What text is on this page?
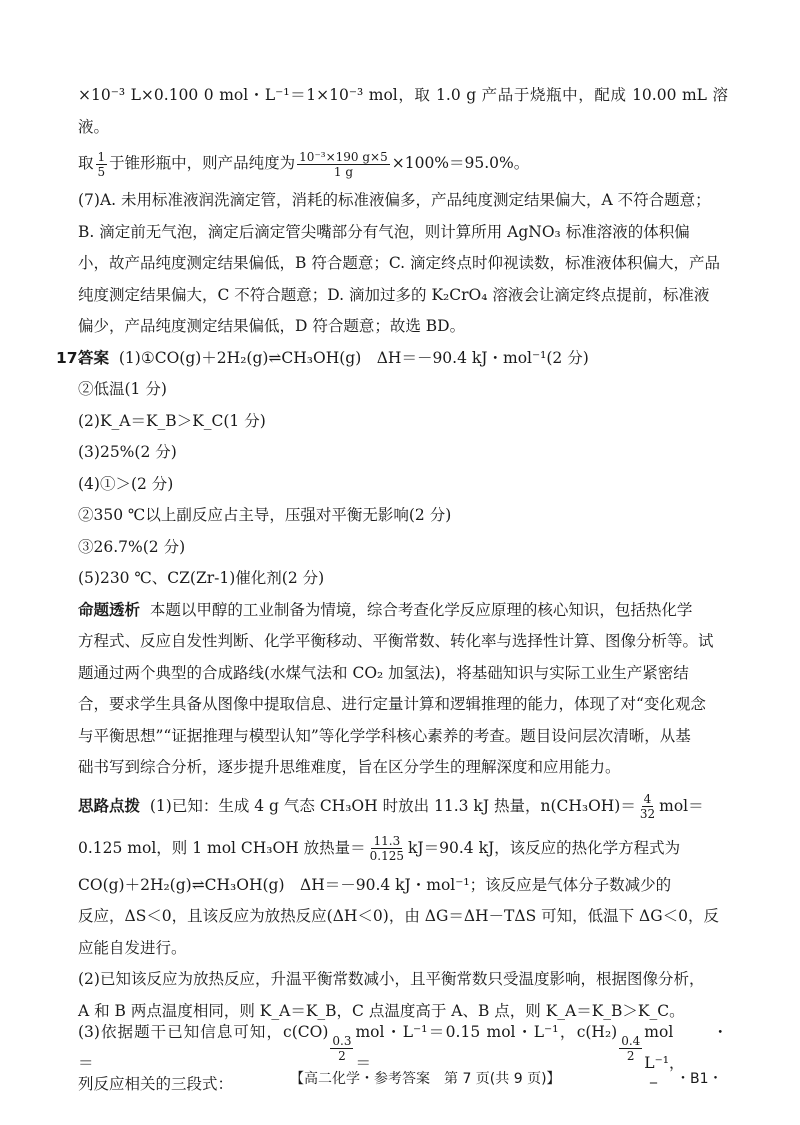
×10⁻³ L×0.100 0 mol・L⁻¹＝1×10⁻³ mol，取 1.0 g 产品于烧瓶中，配成 10.00 mL 溶液。

取 $\frac{1}{5}$ 于锥形瓶中，则产品纯度为 $\frac{\text{10⁻³×190 g×5}}{1 g} \times 100\%=95.0\%$。

(7)A. 未用标准液润洗滴定管，消耗的标准液偏多，产品纯度测定结果偏大，A 不符合题意；

B. 滴定前无气泡，滴定后滴定管尖嘴部分有气泡，则计算所用 AgNO₃ 标准溶液的体积偏

小，故产品纯度测定结果偏低，B 符合题意；C. 滴定终点时仰视读数，标准液体积偏大，产品

纯度测定结果偏大，C 不符合题意；D. 滴加过多的 K₂CrO₄ 溶液会让滴定终点提前，标准液

偏少，产品纯度测定结果偏低，D 符合题意；故选 BD。

17.

答案 (1)①CO(g)＋2H₂(g)⇌CH₃OH(g)　ΔH＝－90.4 kJ・mol⁻¹(2 分)

②低温(1 分)

(2)K_A＝K_B＞K_C(1 分)

(3)25%(2 分)

(4)①＞(2 分)

②350 ℃以上副反应占主导，压强对平衡无影响(2 分)

③26.7%(2 分)

(5)230 ℃、CZ(Zr-1)催化剂(2 分)

命题透析 本题以甲醇的工业制备为情境，综合考查化学反应原理的核心知识，包括热化学

方程式、反应自发性判断、化学平衡移动、平衡常数、转化率与选择性计算、图像分析等。试

题通过两个典型的合成路线(水煤气法和 CO₂ 加氢法)，将基础知识与实际工业生产紧密结

合，要求学生具备从图像中提取信息、进行定量计算和逻辑推理的能力，体现了对“变化观念

与平衡思想”“证据推理与模型认知”等化学学科核心素养的考查。题目设问层次清晰，从基

础书写到综合分析，逐步提升思维难度，旨在区分学生的理解深度和应用能力。

思路点拨
(1)已知：生成 4 g 气态 CH₃OH 时放出 11.3 kJ 热量，$n(CH_3OH)= \frac{4}{32} mol=$

0.125 mol，则 1 mol CH₃OH 放热量＝ $\frac{11.3}{0.125} kJ=90.4$ kJ，该反应的热化学方程式为

CO(g)＋2H₂(g)⇌CH₃OH(g)　ΔH＝－90.4 kJ・mol⁻¹；该反应是气体分子数减少的

反应，ΔS＜0，且该反应为放热反应(ΔH＜0)，由 ΔG＝ΔH－TΔS 可知，低温下 ΔG＜0，反

应能自发进行。

(2)已知该反应为放热反应，升温平衡常数减小，且平衡常数只受温度影响，根据图像分析，

A 和 B 两点温度相同，则 K_A＝K_B，C 点温度高于 A、B 点，则 K_A＝K_B＞K_C。

(3)依据题干已知信息可知，c(CO)＝
$\frac{0.3}{2}$
mol・L⁻¹＝0.15 mol・L⁻¹，c(H₂)＝
$\frac{0.4}{2}$
mol・L⁻¹，

列反应相关的三段式：	【高二化学・参考答案　第 7 页(共 9 页)】	_ ・B1・
